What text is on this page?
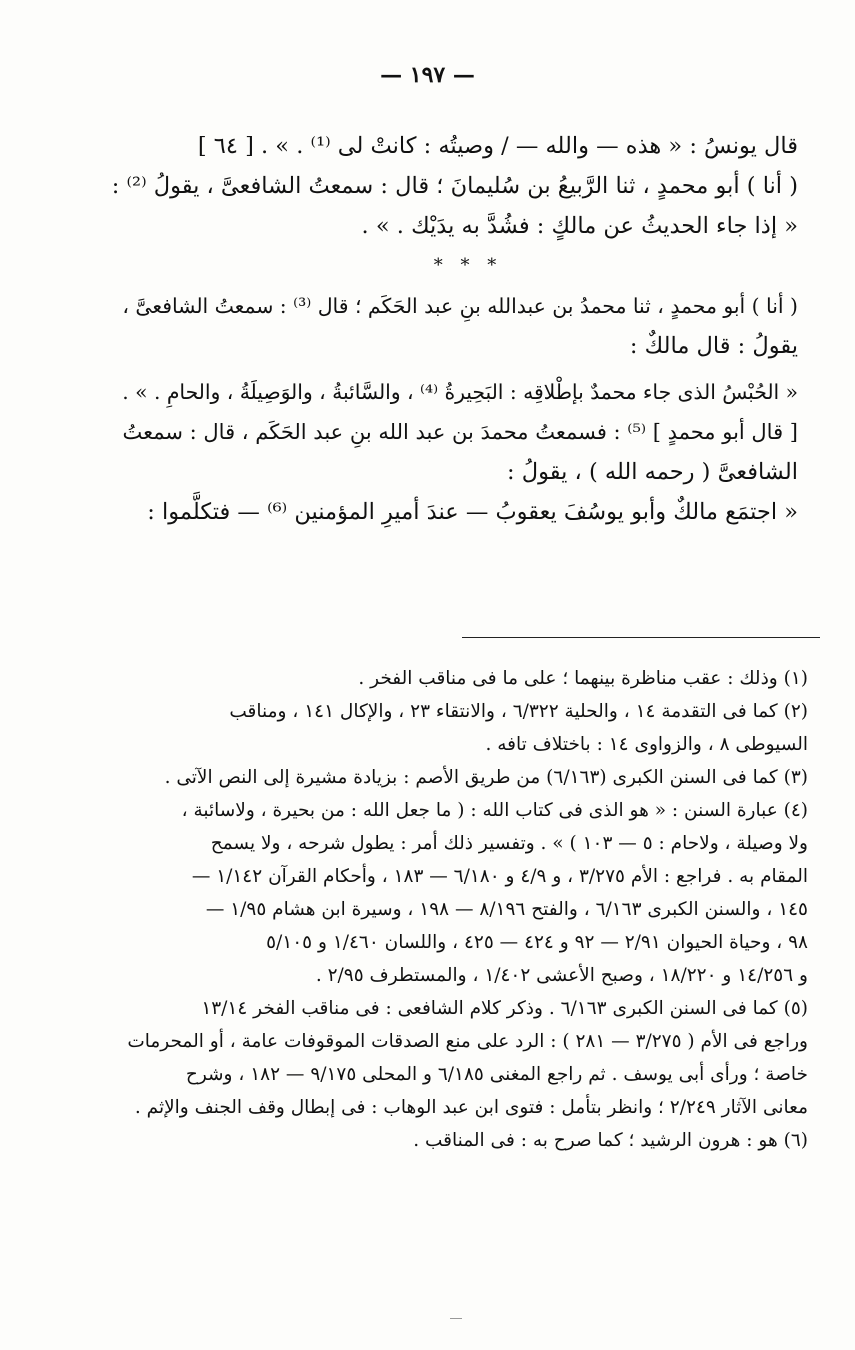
— ١٩٧ —
قال يونسُ : « هذه — والله — / وصيتُه : كانتْ لى ⁽¹⁾ . » . [ ٦٤ ]
( أنا ) أبو محمدٍ ، ثنا الرَّبيعُ بن سُليمانَ ؛ قال : سمعتُ الشافعىَّ ، يقولُ ⁽²⁾ :
« إذا جاء الحديثُ عن مالكٍ : فشُدَّ به يدَيْك . » .
* * *
( أنا ) أبو محمدٍ ، ثنا محمدُ بن عبدالله بنِ عبد الحَكَم ؛ قال ⁽³⁾ : سمعتُ الشافعىَّ ،
يقولُ : قال مالكٌ :
« الحُبْسُ الذى جاء محمدٌ بإطْلاقِه : البَحِيرةُ ⁽⁴⁾ ، والسَّائبةُ ، والوَصِيلَةُ ، والحامِ . » .
[ قال أبو محمدٍ ] ⁽⁵⁾ : فسمعتُ محمدَ بن عبد الله بنِ عبد الحَكَم ، قال : سمعتُ
الشافعىَّ ( رحمه الله ) ، يقولُ :
« اجتمَع مالكٌ وأبو يوسُفَ يعقوبُ — عندَ أميرِ المؤمنين ⁽⁶⁾ — فتكلَّموا :
(١) وذلك : عقب مناظرة بينهما ؛ على ما فى مناقب الفخر .
(٢) كما فى التقدمة ١٤ ، والحلية ٦/٣٢٢ ، والانتقاء ٢٣ ، والإكال ١٤١ ، ومناقب
السيوطى ٨ ، والزواوى ١٤ : باختلاف تافه .
(٣) كما فى السنن الكبرى (٦/١٦٣) من طريق الأصم : بزيادة مشيرة إلى النص الآتى .
(٤) عبارة السنن : « هو الذى فى كتاب الله : ( ما جعل الله : من بحيرة ، ولاسائبة ،
ولا وصيلة ، ولاحام : ٥ — ١٠٣ ) » . وتفسير ذلك أمر : يطول شرحه ، ولا يسمح
المقام به . فراجع : الأم ٣/٢٧٥ ، و ٤/٩ و ٦/١٨٠ — ١٨٣ ، وأحكام القرآن ١/١٤٢ —
١٤٥ ، والسنن الكبرى ٦/١٦٣ ، والفتح ٨/١٩٦ — ١٩٨ ، وسيرة ابن هشام ١/٩٥ —
٩٨ ، وحياة الحيوان ٢/٩١ — ٩٢ و ٤٢٤ — ٤٢٥ ، واللسان ١/٤٦٠ و ٥/١٠٥
و ١٤/٢٥٦ و ١٨/٢٢٠ ، وصبح الأعشى ١/٤٠٢ ، والمستطرف ٢/٩٥ .
(٥) كما فى السنن الكبرى ٦/١٦٣ . وذكر كلام الشافعى : فى مناقب الفخر ١٣/١٤
وراجع فى الأم ( ٣/٢٧٥ — ٢٨١ ) : الرد على منع الصدقات الموقوفات عامة ، أو المحرمات
خاصة ؛ ورأى أبى يوسف . ثم راجع المغنى ٦/١٨٥ و المحلى ٩/١٧٥ — ١٨٢ ، وشرح
معانى الآثار ٢/٢٤٩ ؛ وانظر بتأمل : فتوى ابن عبد الوهاب : فى إبطال وقف الجنف والإثم .
(٦) هو : هرون الرشيد ؛ كما صرح به : فى المناقب .
